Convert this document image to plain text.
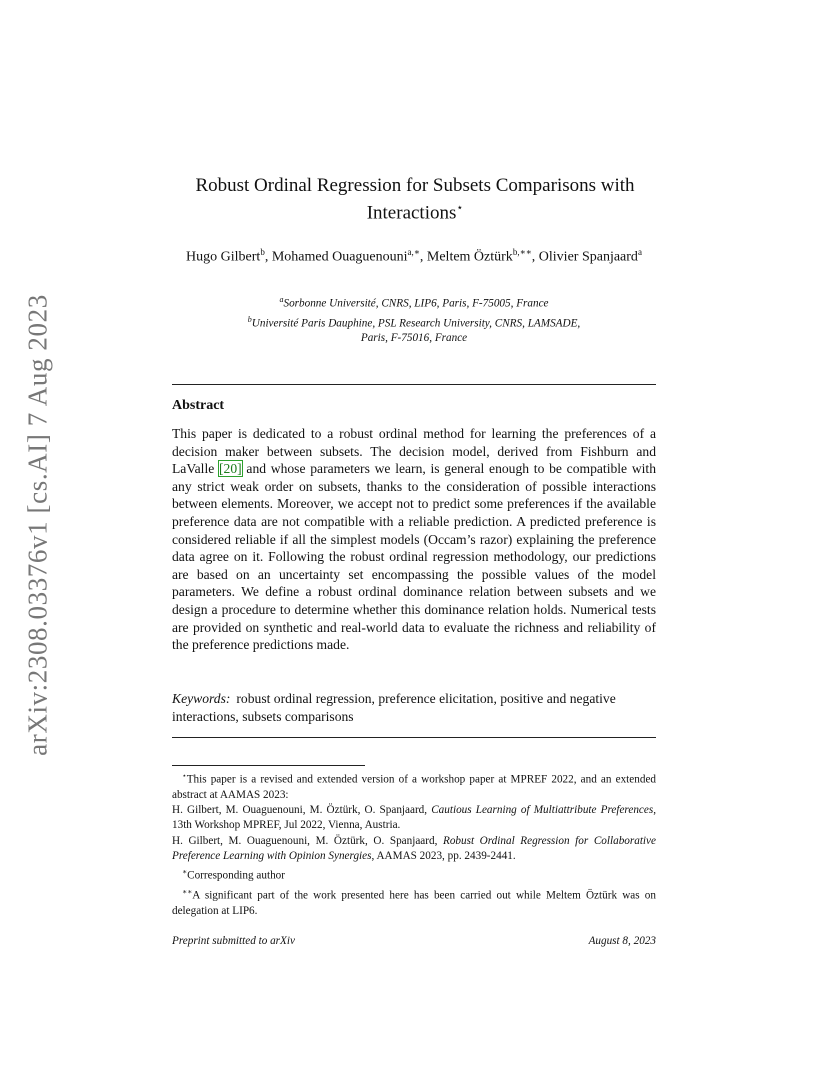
arXiv:2308.03376v1 [cs.AI] 7 Aug 2023
Robust Ordinal Regression for Subsets Comparisons with Interactions⋆
Hugo Gilbert$^b$, Mohamed Ouaguenouni$^{a,∗}$, Meltem Öztürk$^{b,∗∗}$, Olivier Spanjaard$^a$
$^a$Sorbonne Université, CNRS, LIP6, Paris, F-75005, France
$^b$Université Paris Dauphine, PSL Research University, CNRS, LAMSADE, Paris, F-75016, France
Abstract
This paper is dedicated to a robust ordinal method for learning the preferences of a decision maker between subsets. The decision model, derived from Fishburn and LaValle [20] and whose parameters we learn, is general enough to be compatible with any strict weak order on subsets, thanks to the consideration of possible interactions between elements. Moreover, we accept not to predict some preferences if the available preference data are not compatible with a reliable prediction. A predicted preference is considered reliable if all the simplest models (Occam’s razor) explaining the preference data agree on it. Following the robust ordinal regression methodology, our predictions are based on an uncertainty set encompassing the possible values of the model parameters. We define a robust ordinal dominance relation between subsets and we design a procedure to determine whether this dominance relation holds. Numerical tests are provided on synthetic and real-world data to evaluate the richness and reliability of the preference predictions made.
Keywords: robust ordinal regression, preference elicitation, positive and negative interactions, subsets comparisons

⋆This paper is a revised and extended version of a workshop paper at MPREF 2022, and an extended abstract at AAMAS 2023:

H. Gilbert, M. Ouaguenouni, M. Öztürk, O. Spanjaard, Cautious Learning of Multiattribute Preferences, 13th Workshop MPREF, Jul 2022, Vienna, Austria.

H. Gilbert, M. Ouaguenouni, M. Öztürk, O. Spanjaard, Robust Ordinal Regression for Collaborative Preference Learning with Opinion Synergies, AAMAS 2023, pp. 2439-2441.

∗Corresponding author

∗∗A significant part of the work presented here has been carried out while Meltem Öztürk was on delegation at LIP6.

Preprint submitted to arXiv	August 8, 2023
